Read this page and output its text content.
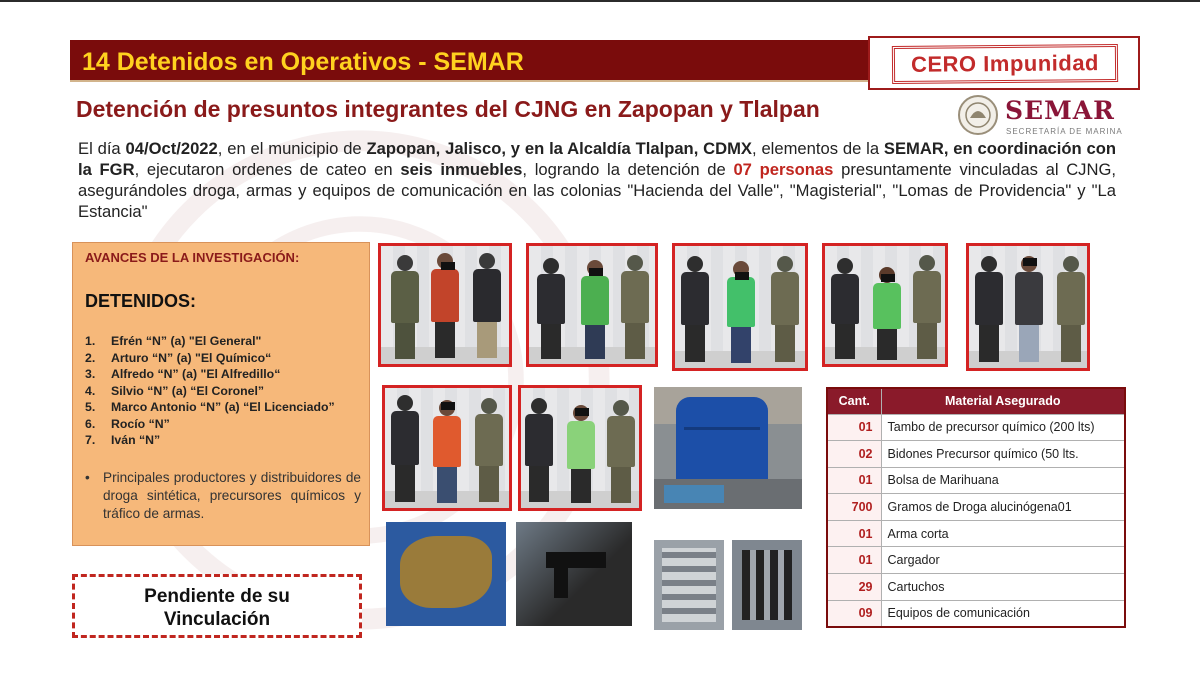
14 Detenidos en Operativos - SEMAR	CERO Impunidad
Detención de presuntos integrantes del CJNG en Zapopan y Tlalpan	SEMAR
SECRETARÍA DE MARINA
El día 04/Oct/2022, en el municipio de Zapopan, Jalisco, y en la Alcaldía Tlalpan, CDMX, elementos de la SEMAR, en coordinación con la FGR, ejecutaron ordenes de cateo en seis inmuebles, logrando la detención de 07 personas presuntamente vinculadas al CJNG, asegurándoles droga, armas y equipos de comunicación en las colonias "Hacienda del Valle", "Magisterial", "Lomas de Providencia" y "La Estancia"
AVANCES DE LA INVESTIGACIÓN:
DETENIDOS:
1. Efrén “N” (a) "El General"
2. Arturo “N” (a) "El Químico“
3. Alfredo “N” (a) "El Alfredillo“
4. Silvio “N” (a) “El Coronel”
5. Marco Antonio “N” (a) “El Licenciado”
6. Rocío “N”
7. Iván “N”
• Principales productores y distribuidores de droga sintética, precursores químicos y tráfico de armas.
Pendiente de su
Vinculación
Cant.	Material Asegurado
01	Tambo de precursor químico (200 lts)
02	Bidones Precursor químico (50 lts.
01	Bolsa de Marihuana
700	Gramos de Droga alucinógena01
01	Arma corta
01	Cargador
29	Cartuchos
09	Equipos de comunicación
